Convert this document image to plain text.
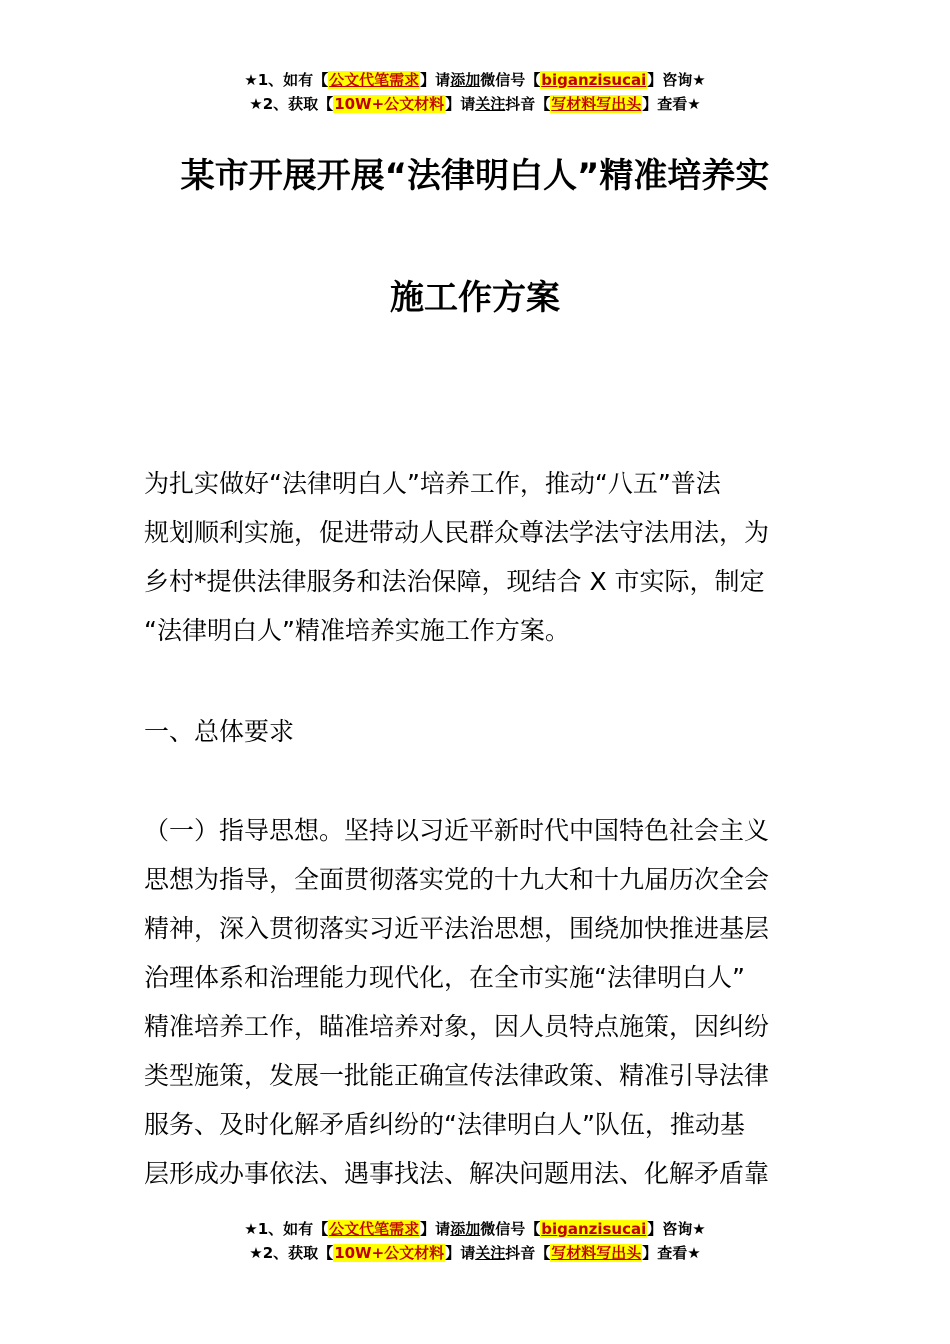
★1、如有【公文代笔需求】请添加微信号【biganzisucai】咨询★
★2、获取【10W+公文材料】请关注抖音【写材料写出头】查看★
某市开展开展“法律明白人”精准培养实
施工作方案
为扎实做好“法律明白人”培养工作，推动“八五”普法
规划顺利实施，促进带动人民群众尊法学法守法用法，为
乡村*提供法律服务和法治保障，现结合 X 市实际，制定
“法律明白人”精准培养实施工作方案。
一、总体要求
（一）指导思想。坚持以习近平新时代中国特色社会主义
思想为指导，全面贯彻落实党的十九大和十九届历次全会
精神，深入贯彻落实习近平法治思想，围绕加快推进基层
治理体系和治理能力现代化，在全市实施“法律明白人”
精准培养工作，瞄准培养对象，因人员特点施策，因纠纷
类型施策，发展一批能正确宣传法律政策、精准引导法律
服务、及时化解矛盾纠纷的“法律明白人”队伍，推动基
层形成办事依法、遇事找法、解决问题用法、化解矛盾靠
★1、如有【公文代笔需求】请添加微信号【biganzisucai】咨询★
★2、获取【10W+公文材料】请关注抖音【写材料写出头】查看★
